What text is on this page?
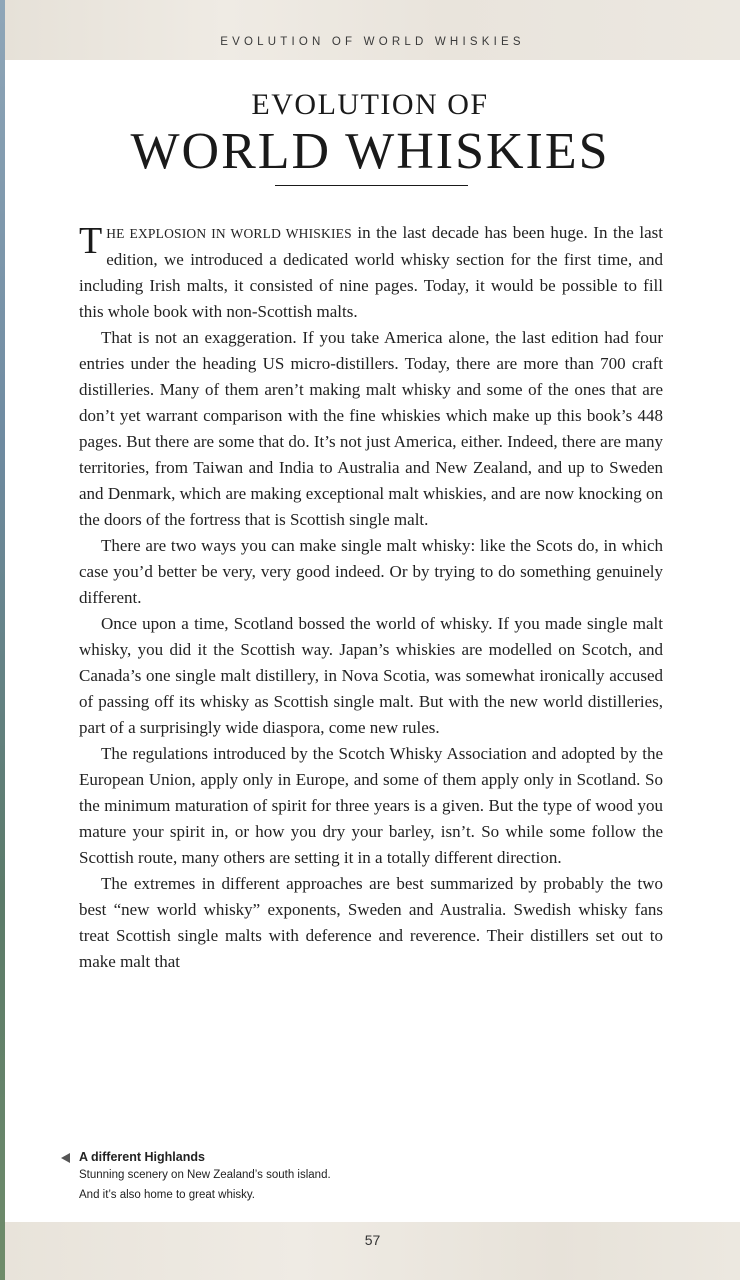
EVOLUTION OF WORLD WHISKIES
EVOLUTION OF
WORLD WHISKIES

THE EXPLOSION IN WORLD WHISKIES in the last decade has been huge. In the last edition, we introduced a dedicated world whisky section for the first time, and including Irish malts, it consisted of nine pages. Today, it would be possible to fill this whole book with non-Scottish malts.

That is not an exaggeration. If you take America alone, the last edition had four entries under the heading US micro-distillers. Today, there are more than 700 craft distilleries. Many of them aren’t making malt whisky and some of the ones that are don’t yet warrant comparison with the fine whiskies which make up this book’s 448 pages. But there are some that do. It’s not just America, either. Indeed, there are many territories, from Taiwan and India to Australia and New Zealand, and up to Sweden and Denmark, which are making exceptional malt whiskies, and are now knocking on the doors of the fortress that is Scottish single malt.

There are two ways you can make single malt whisky: like the Scots do, in which case you’d better be very, very good indeed. Or by trying to do something genuinely different.

Once upon a time, Scotland bossed the world of whisky. If you made single malt whisky, you did it the Scottish way. Japan’s whiskies are modelled on Scotch, and Canada’s one single malt distillery, in Nova Scotia, was somewhat ironically accused of passing off its whisky as Scottish single malt. But with the new world distilleries, part of a surprisingly wide diaspora, come new rules.

The regulations introduced by the Scotch Whisky Association and adopted by the European Union, apply only in Europe, and some of them apply only in Scotland. So the minimum maturation of spirit for three years is a given. But the type of wood you mature your spirit in, or how you dry your barley, isn’t. So while some follow the Scottish route, many others are setting it in a totally different direction.

The extremes in different approaches are best summarized by probably the two best “new world whisky” exponents, Sweden and Australia. Swedish whisky fans treat Scottish single malts with deference and reverence. Their distillers set out to make malt that

A different Highlands
Stunning scenery on New Zealand’s south island.
And it’s also home to great whisky.
57
